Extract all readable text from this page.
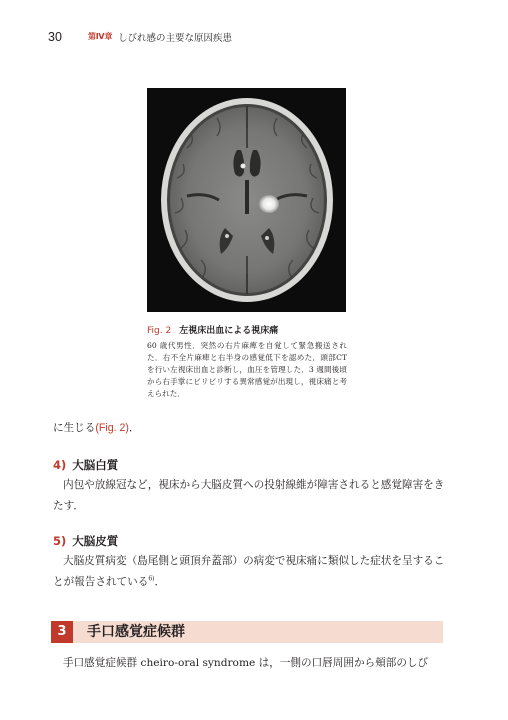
30	第Ⅳ章 しびれ感の主要な原因疾患
Fig. 2 左視床出血による視床痛
60 歳代男性．突然の右片麻痺を自覚して緊急搬送された．右不全片麻痺と右半身の感覚低下を認めた．頭部CTを行い左視床出血と診断し，血圧を管理した．3 週間後頃から右手掌にビリビリする異常感覚が出現し，視床痛と考えられた．
に生じる(Fig. 2)．
4) 大脳白質
内包や放線冠など，視床から大脳皮質への投射線維が障害されると感覚障害をきたす．
5) 大脳皮質
大脳皮質病変（島尾側と頭頂弁蓋部）の病変で視床痛に類似した症状を呈することが報告されている$^{6)}$．
3	手口感覚症候群
手口感覚症候群 cheiro-oral syndrome は，一側の口唇周囲から頬部のしび
